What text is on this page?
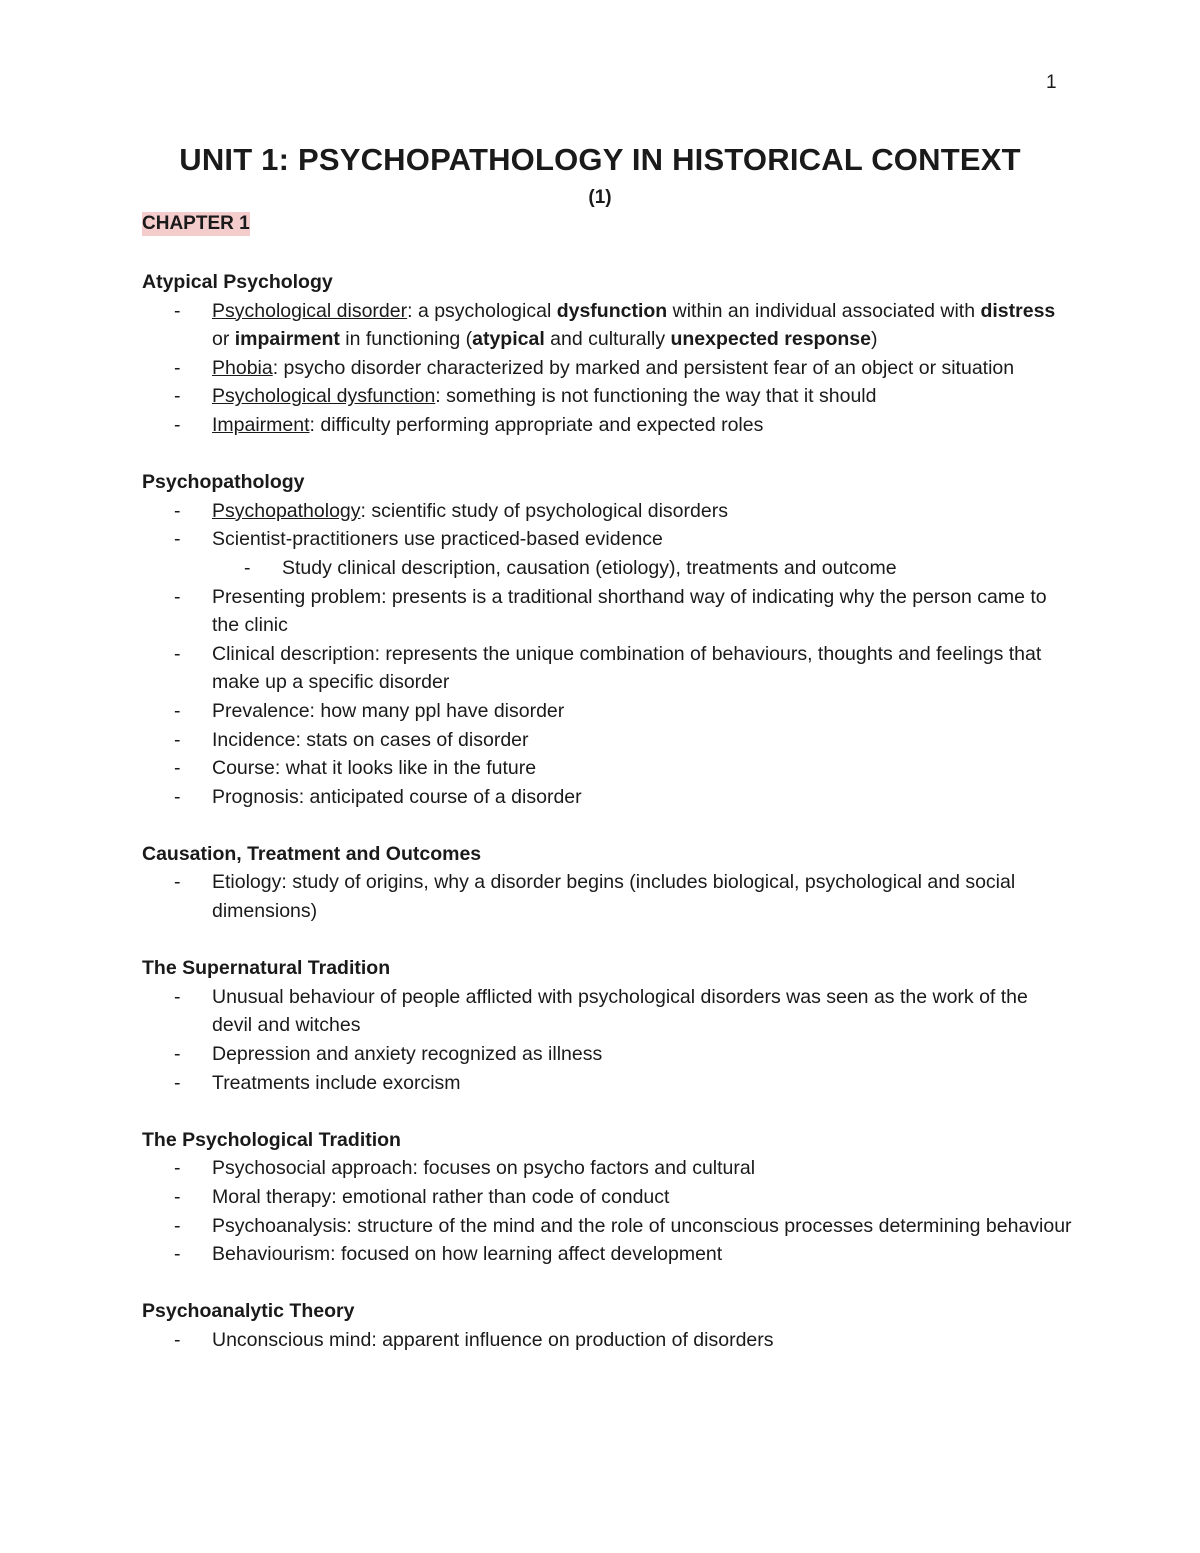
1
UNIT 1: PSYCHOPATHOLOGY IN HISTORICAL CONTEXT
(1)
CHAPTER 1
Atypical Psychology
- Psychological disorder: a psychological dysfunction within an individual associated with distress or impairment in functioning (atypical and culturally unexpected response)
- Phobia: psycho disorder characterized by marked and persistent fear of an object or situation
- Psychological dysfunction: something is not functioning the way that it should
- Impairment: difficulty performing appropriate and expected roles
Psychopathology
- Psychopathology: scientific study of psychological disorders
- Scientist-practitioners use practiced-based evidence
- Study clinical description, causation (etiology), treatments and outcome
- Presenting problem: presents is a traditional shorthand way of indicating why the person came to the clinic
- Clinical description: represents the unique combination of behaviours, thoughts and feelings that make up a specific disorder
- Prevalence: how many ppl have disorder
- Incidence: stats on cases of disorder
- Course: what it looks like in the future
- Prognosis: anticipated course of a disorder
Causation, Treatment and Outcomes
- Etiology: study of origins, why a disorder begins (includes biological, psychological and social dimensions)
The Supernatural Tradition
- Unusual behaviour of people afflicted with psychological disorders was seen as the work of the devil and witches
- Depression and anxiety recognized as illness
- Treatments include exorcism
The Psychological Tradition
- Psychosocial approach: focuses on psycho factors and cultural
- Moral therapy: emotional rather than code of conduct
- Psychoanalysis: structure of the mind and the role of unconscious processes determining behaviour
- Behaviourism: focused on how learning affect development
Psychoanalytic Theory
- Unconscious mind: apparent influence on production of disorders
